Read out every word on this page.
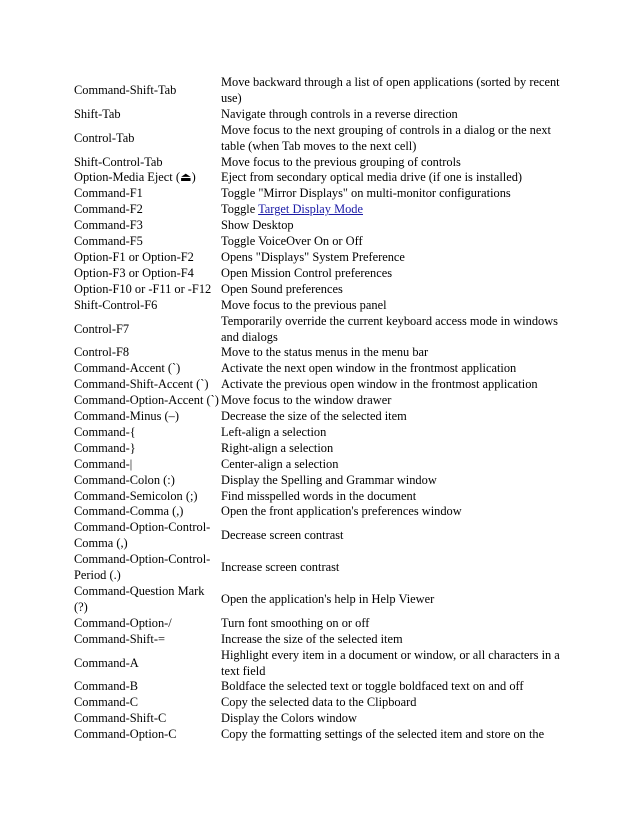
Command-Shift-Tab	Move backward through a list of open applications (sorted by recent use)
Shift-Tab	Navigate through controls in a reverse direction
Control-Tab	Move focus to the next grouping of controls in a dialog or the next table (when Tab moves to the next cell)
Shift-Control-Tab	Move focus to the previous grouping of controls
Option-Media Eject (⏏)	Eject from secondary optical media drive (if one is installed)
Command-F1	Toggle "Mirror Displays" on multi-monitor configurations
Command-F2	Toggle Target Display Mode
Command-F3	Show Desktop
Command-F5	Toggle VoiceOver On or Off
Option-F1 or Option-F2	Opens "Displays" System Preference
Option-F3 or Option-F4	Open Mission Control preferences
Option-F10 or -F11 or -F12	Open Sound preferences
Shift-Control-F6	Move focus to the previous panel
Control-F7	Temporarily override the current keyboard access mode in windows and dialogs
Control-F8	Move to the status menus in the menu bar
Command-Accent (`)	Activate the next open window in the frontmost application
Command-Shift-Accent (`)	Activate the previous open window in the frontmost application
Command-Option-Accent (`)	Move focus to the window drawer
Command-Minus (–)	Decrease the size of the selected item
Command-{	Left-align a selection
Command-}	Right-align a selection
Command-|	Center-align a selection
Command-Colon (:)	Display the Spelling and Grammar window
Command-Semicolon (;)	Find misspelled words in the document
Command-Comma (,)	Open the front application's preferences window
Command-Option-Control-Comma (,)	Decrease screen contrast
Command-Option-Control-Period (.)	Increase screen contrast
Command-Question Mark (?)	Open the application's help in Help Viewer
Command-Option-/	Turn font smoothing on or off
Command-Shift-=	Increase the size of the selected item
Command-A	Highlight every item in a document or window, or all characters in a text field
Command-B	Boldface the selected text or toggle boldfaced text on and off
Command-C	Copy the selected data to the Clipboard
Command-Shift-C	Display the Colors window
Command-Option-C	Copy the formatting settings of the selected item and store on the
